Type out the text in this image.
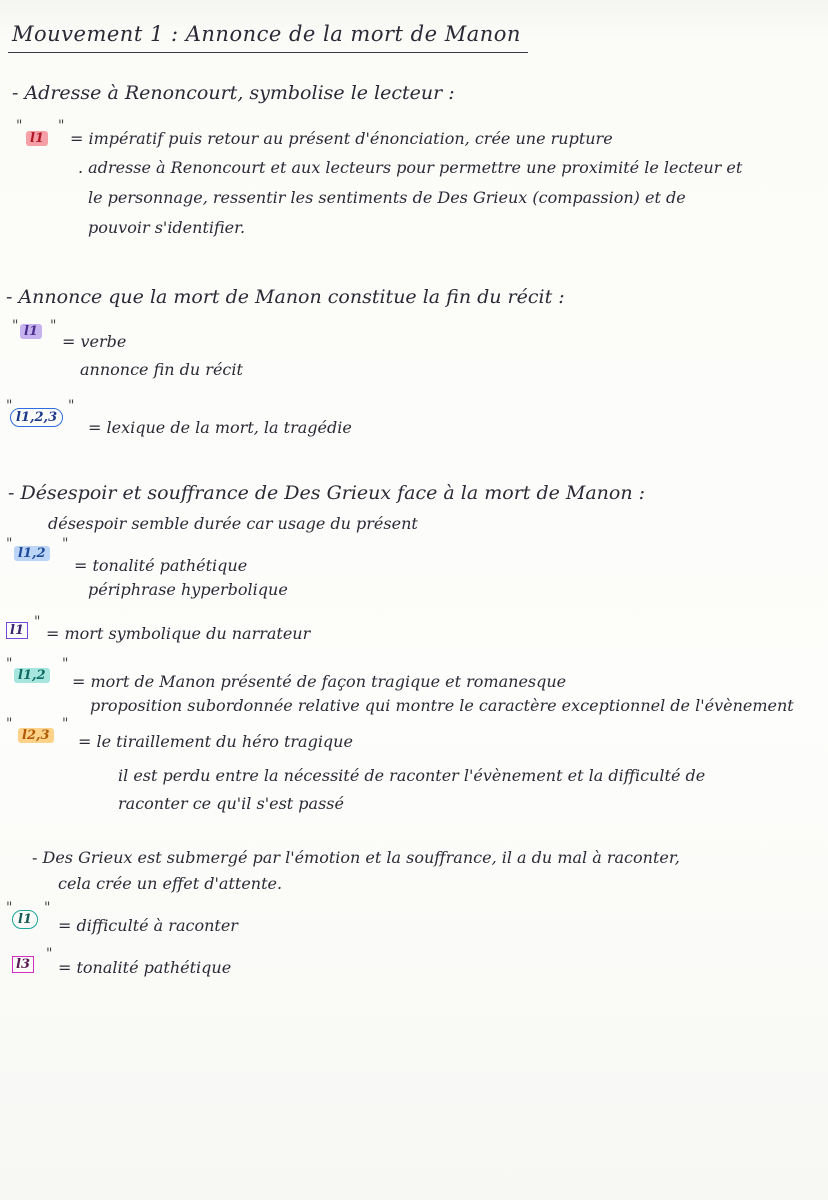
Mouvement 1 : Annonce de la mort de Manon
- Adresse à Renoncourt, symbolise le lecteur :
"
l1
"
= impératif puis retour au présent d'énonciation, crée une rupture
. adresse à Renoncourt et aux lecteurs pour permettre une proximité le lecteur et
le personnage, ressentir les sentiments de Des Grieux (compassion) et de
pouvoir s'identifier.
- Annonce que la mort de Manon constitue la fin du récit :
" l1 "
= verbe
annonce fin du récit
"
l1,2,3
"
= lexique de la mort, la tragédie
- Désespoir et souffrance de Des Grieux face à la mort de Manon :
désespoir semble durée car usage du présent
"
l1,2
"
= tonalité pathétique
périphrase hyperbolique
l1
"
= mort symbolique du narrateur
"
l1,2
"
= mort de Manon présenté de façon tragique et romanesque
proposition subordonnée relative qui montre le caractère exceptionnel de l'évènement
"
l2,3
"
= le tiraillement du héro tragique
il est perdu entre la nécessité de raconter l'évènement et la difficulté de
raconter ce qu'il s'est passé
- Des Grieux est submergé par l'émotion et la souffrance, il a du mal à raconter,
cela crée un effet d'attente.
"
l1
"
= difficulté à raconter
l3
"
= tonalité pathétique
